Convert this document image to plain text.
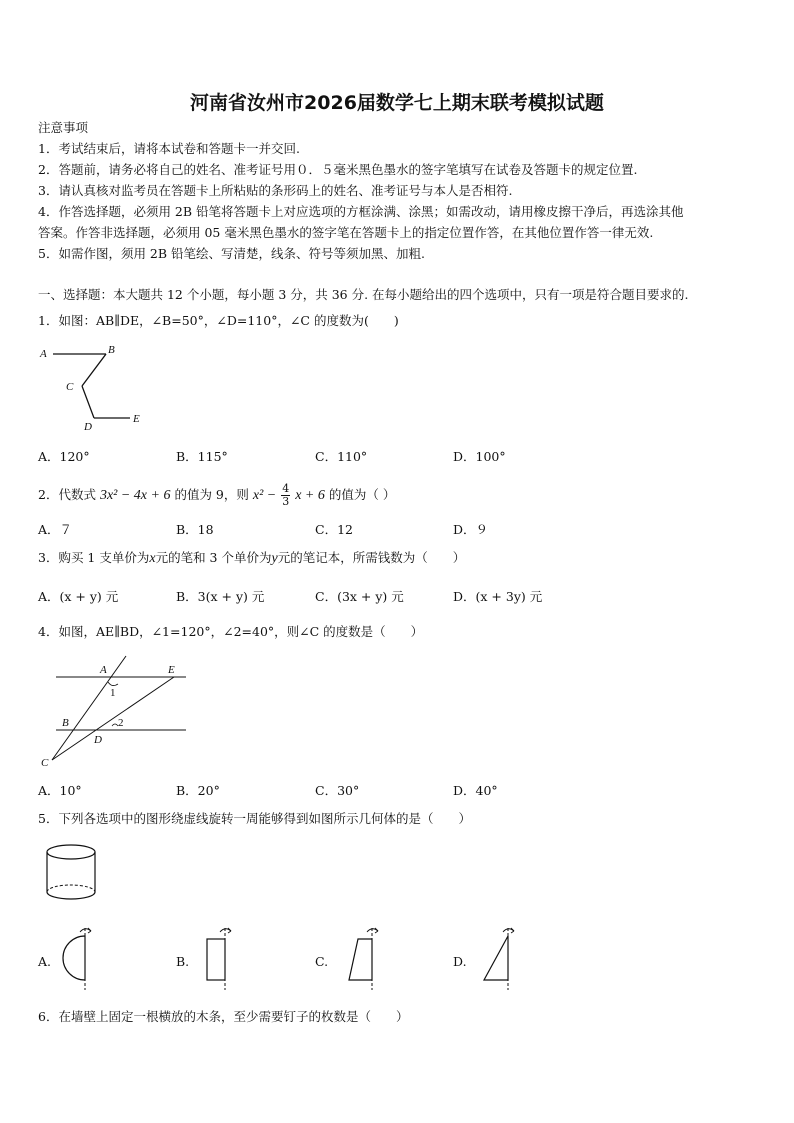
河南省汝州市2026届数学七上期末联考模拟试题
注意事项
1．考试结束后，请将本试卷和答题卡一并交回.
2．答题前，请务必将自己的姓名、准考证号用０．５毫米黑色墨水的签字笔填写在试卷及答题卡的规定位置.
3．请认真核对监考员在答题卡上所粘贴的条形码上的姓名、准考证号与本人是否相符.
4．作答选择题，必须用 2B 铅笔将答题卡上对应选项的方框涂满、涂黑；如需改动，请用橡皮擦干净后，再选涂其他
答案。作答非选择题，必须用 05 毫米黑色墨水的签字笔在答题卡上的指定位置作答，在其他位置作答一律无效.
5．如需作图，须用 2B 铅笔绘、写清楚，线条、符号等须加黑、加粗.
一、选择题：本大题共 12 个小题，每小题 3 分，共 36 分. 在每小题给出的四个选项中，只有一项是符合题目要求的.
1．如图：AB∥DE，∠B=50°，∠D=110°，∠C 的度数为(　　)
A	B
C
D
E
A．120°	B．115°	C．110°	D．100°
2．代数式 3x² − 4x + 6 的值为 9，则 $x^2 - \frac{4}{3}$ x + 6 的值为（ ）
A．７	B．18	C．12	D．９
3．购买 1 支单价为x元的笔和 3 个单价为y元的笔记本，所需钱数为（　　）
A．(x + y) 元	B．3(x + y) 元	C．(3x + y) 元	D．(x + 3y) 元
4．如图，AE∥BD，∠1=120°，∠2=40°，则∠C 的度数是（　　）
A	E
B
D
C
1
2
A．10°	B．20°	C．30°	D．40°
5．下列各选项中的图形绕虚线旋转一周能够得到如图所示几何体的是（　　）
A.	B.	C.	D.
6．在墙壁上固定一根横放的木条，至少需要钉子的枚数是（　　）
